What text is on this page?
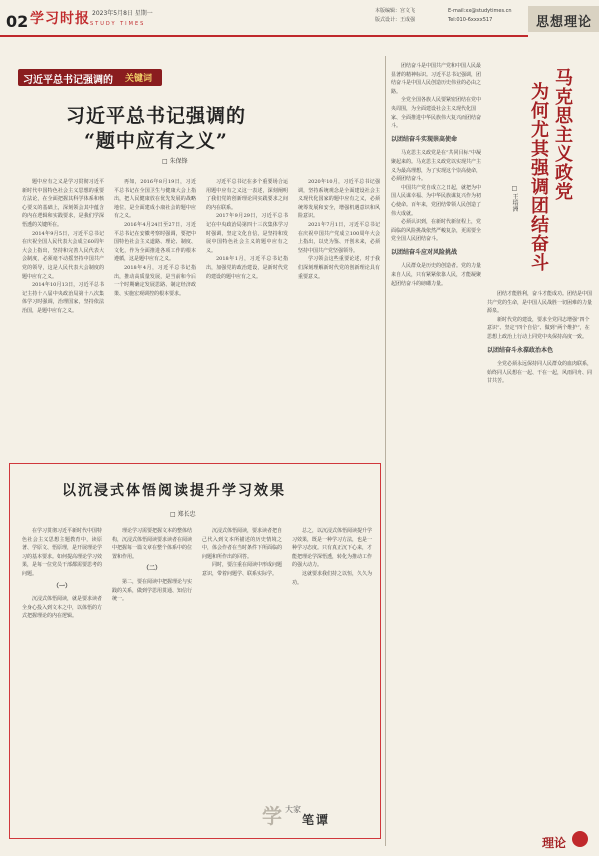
02 学习时报 STUDY TIMES
2023年5月8日 星期一	本版编辑：宫文飞
版式设计：王成强
E-mail:xx@studytimes.cn
Tel:010-6xxxx517	思想理论
习近平总书记强调的 关键词
习近平总书记强调的
“题中应有之义”
□ 朱保锋

题中应有之义是学习贯彻习近平新时代中国特色社会主义思想的重要方法论，在全面把握其科学体系和核心要义的基础上，深刻领会其中蕴含的内在逻辑和实践要求，是我们学深悟透的关键所在。

2014年9月5日，习近平总书记在庆祝全国人民代表大会成立60周年大会上指出，坚持和完善人民代表大会制度，必须毫不动摇坚持中国共产党的领导，这是人民代表大会制度的题中应有之义。

2014年10月13日，习近平总书记主持十八届中央政治局第十八次集体学习时强调，治理国家，坚持依法治国，是题中应有之义。

再如，2016年8月19日，习近平总书记在全国卫生与健康大会上指出，把人民健康放在优先发展的战略地位，是全面建成小康社会的题中应有之义。

2016年4月24日至27日，习近平总书记在安徽考察时强调，要把中国特色社会主义道路、理论、制度、文化，作为全面推进各项工作的根本遵循，这是题中应有之义。

2018年4月，习近平总书记指出，推动高质量发展，是当前和今后一个时期确定发展思路、制定经济政策、实施宏观调控的根本要求。

习近平总书记在多个重要场合运用题中应有之义这一表述，深刻阐明了我们党的创新理论同实践要求之间的内在联系。

2017年9月29日，习近平总书记在中央政治局第四十三次集体学习时强调，坚定文化自信，是坚持和发展中国特色社会主义的题中应有之义。

2018年1月，习近平总书记指出，加强党的政治建设，是新时代党的建设的题中应有之义。

2020年10月，习近平总书记强调，坚持系统观念是全面建设社会主义现代化国家的题中应有之义，必须统筹发展和安全，增强机遇意识和风险意识。

2021年7月1日，习近平总书记在庆祝中国共产党成立100周年大会上指出，以史为鉴、开创未来，必须坚持中国共产党坚强领导。

学习领会这些重要论述，对于我们深刻理解新时代党的创新理论具有重要意义。

以沉浸式体悟阅读提升学习效果
□ 郑长忠

在学习贯彻习近平新时代中国特色社会主义思想主题教育中，读原著、学原文、悟原理，是开展理论学习的基本要求。如何提高理论学习效果，是每一位党员干部都需要思考的问题。

（一）

沉浸式体悟阅读，就是要求读者全身心投入到文本之中，以体悟的方式把握理论的内在逻辑。

理论学习需要把握文本的整体结构，沉浸式体悟阅读要求读者在阅读中把握每一篇文章在整个体系中的位置和作用。

（二）

第二，要在阅读中把握理论与实践的关系，做到学思用贯通、知信行统一。

沉浸式体悟阅读，要求读者把自己代入到文本所描述的历史情境之中，体会作者在当时条件下所面临的问题和所作出的回答。

同时，要注重在阅读中形成问题意识，带着问题学、联系实际学。

总之，以沉浸式体悟阅读提升学习效果，既是一种学习方法，也是一种学习态度。只有真正沉下心来，才能把理论学深悟透，转化为推动工作的强大动力。

这就要求我们持之以恒，久久为功。

学 大家
笔谭
马克思主义政党
为何尤其强调团结奋斗
□ 王培洲

团结奋斗是中国共产党和中国人民最显著的精神标识。习近平总书记强调，团结奋斗是中国人民创造历史伟业的必由之路。

全党全国各族人民要紧密团结在党中央周围，为全面建设社会主义现代化国家、全面推进中华民族伟大复兴而团结奋斗。

以团结奋斗实现崇高使命

马克思主义政党是在“共同目标”中凝聚起来的。马克思主义政党以实现共产主义为最高理想，为了实现这个崇高使命，必须团结奋斗。

中国共产党自成立之日起，就把为中国人民谋幸福、为中华民族谋复兴作为初心使命。百年来，党团结带领人民创造了伟大成就。

必须认识到，在新时代新征程上，党面临的风险挑战依然严峻复杂，更需要全党全国人民团结奋斗。

以团结奋斗应对风险挑战

人民群众是历史的创造者。党的力量来自人民，只有紧紧依靠人民，才能凝聚起团结奋斗的磅礴力量。

团结才能胜利，奋斗才能成功。团结是中国共产党的生命，是中国人民战胜一切困难的力量源泉。

新时代党的建设，要求全党同志增强“四个意识”、坚定“四个自信”、做到“两个维护”，在思想上政治上行动上同党中央保持高度一致。

以团结奋斗永葆政治本色

全党必须永远保持同人民群众的血肉联系，始终同人民想在一起、干在一起，风雨同舟、同甘共苦。

理论
